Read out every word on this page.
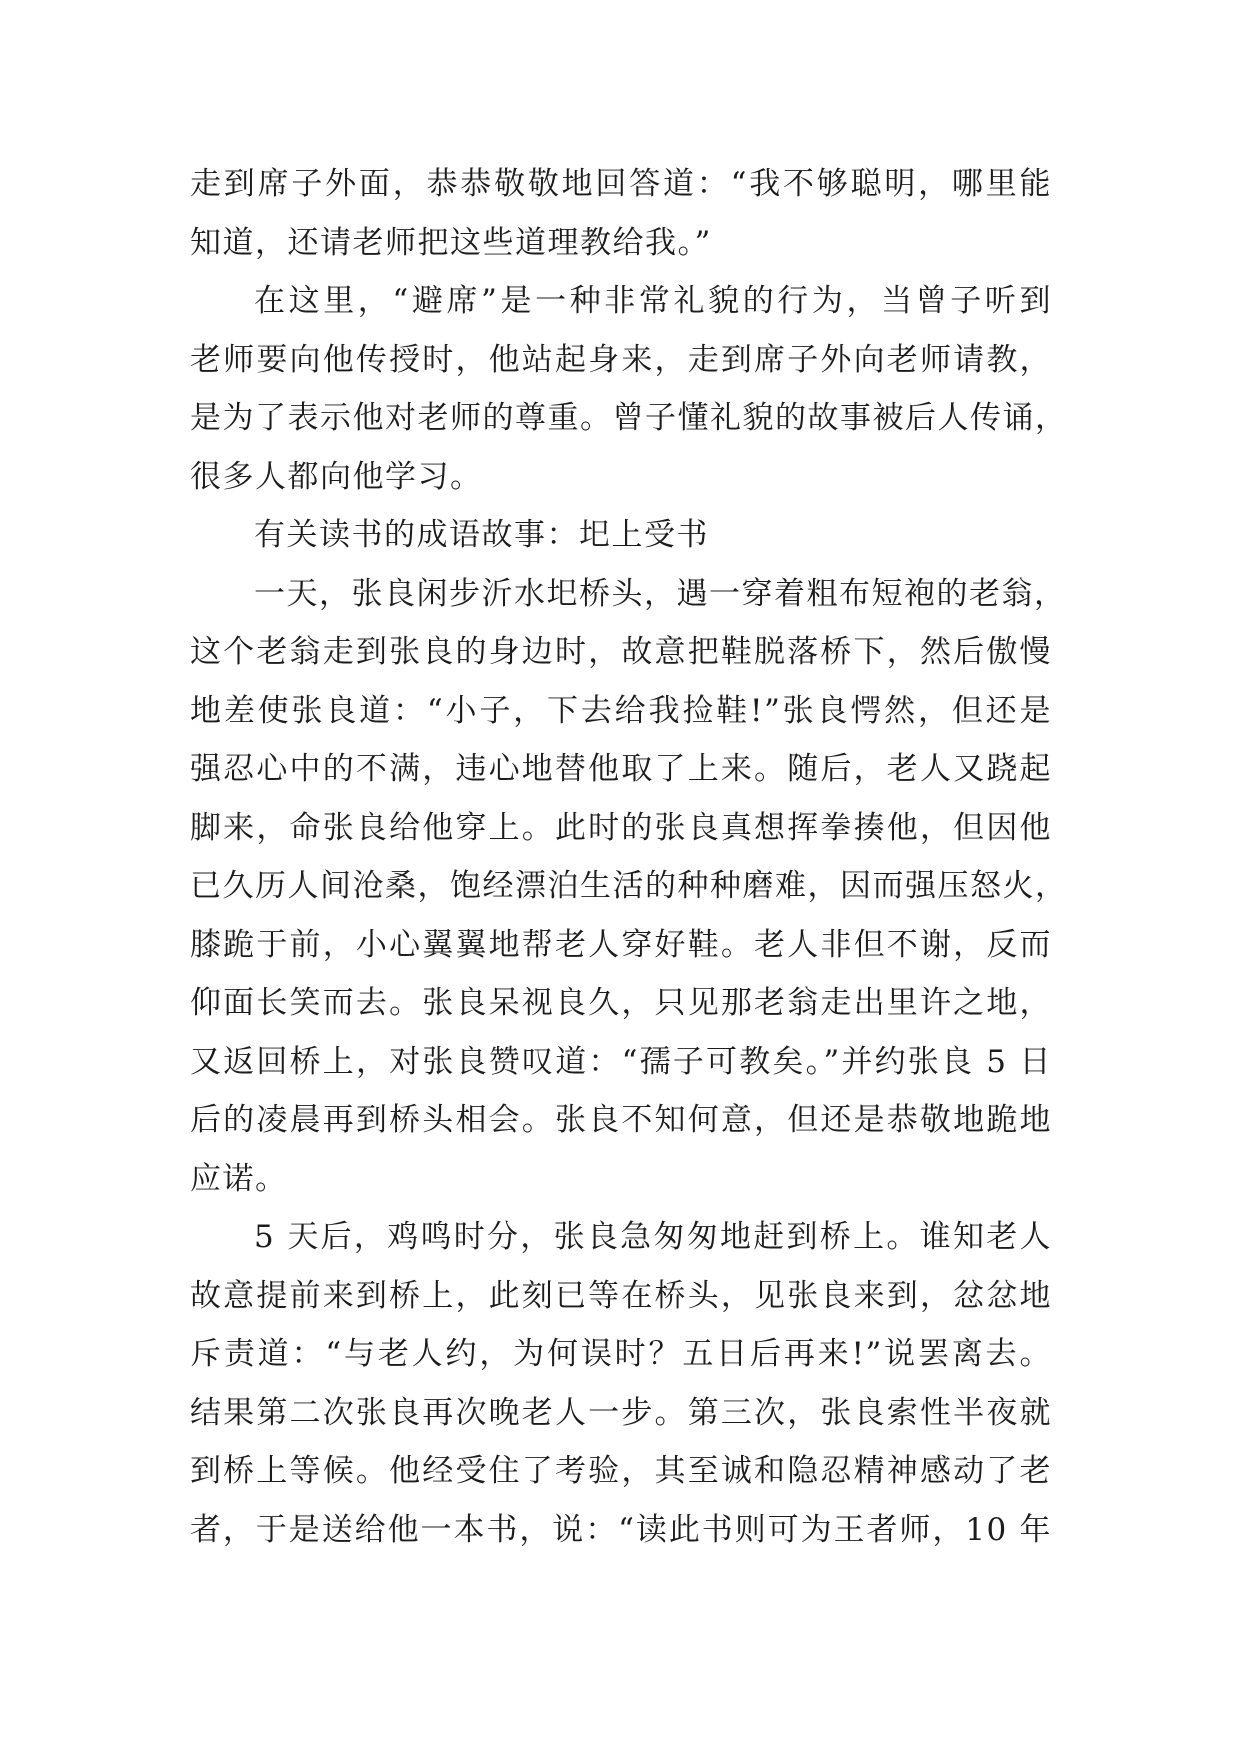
走到席子外面，恭恭敬敬地回答道：“我不够聪明，哪里能
知道，还请老师把这些道理教给我。”
在这里，“避席”是一种非常礼貌的行为，当曾子听到
老师要向他传授时，他站起身来，走到席子外向老师请教，
是为了表示他对老师的尊重。曾子懂礼貌的故事被后人传诵，
很多人都向他学习。
有关读书的成语故事：圯上受书
一天，张良闲步沂水圯桥头，遇一穿着粗布短袍的老翁，
这个老翁走到张良的身边时，故意把鞋脱落桥下，然后傲慢
地差使张良道：“小子，下去给我捡鞋!”张良愕然，但还是
强忍心中的不满，违心地替他取了上来。随后，老人又跷起
脚来，命张良给他穿上。此时的张良真想挥拳揍他，但因他
已久历人间沧桑，饱经漂泊生活的种种磨难，因而强压怒火，
膝跪于前，小心翼翼地帮老人穿好鞋。老人非但不谢，反而
仰面长笑而去。张良呆视良久，只见那老翁走出里许之地，
又返回桥上，对张良赞叹道：“孺子可教矣。”并约张良 5 日
后的凌晨再到桥头相会。张良不知何意，但还是恭敬地跪地
应诺。
5 天后，鸡鸣时分，张良急匆匆地赶到桥上。谁知老人
故意提前来到桥上，此刻已等在桥头，见张良来到，忿忿地
斥责道：“与老人约，为何误时？五日后再来!”说罢离去。
结果第二次张良再次晚老人一步。第三次，张良索性半夜就
到桥上等候。他经受住了考验，其至诚和隐忍精神感动了老
者，于是送给他一本书，说：“读此书则可为王者师，10 年
